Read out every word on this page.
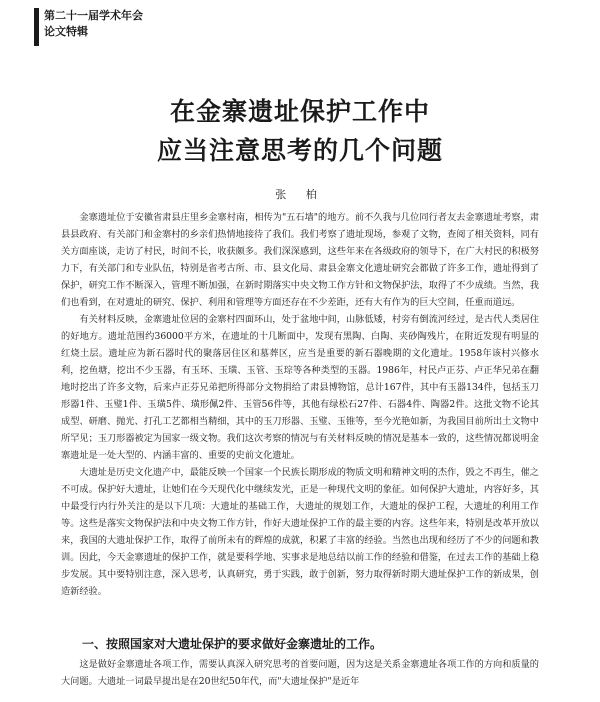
第二十一届学术年会
论文特辑
在金寨遗址保护工作中
应当注意思考的几个问题
张 柏

金寨遗址位于安徽省肃县庄里乡金寨村南，相传为"五石墙"的地方。前不久我与几位同行者友去金寨遗址考察，肃县县政府、有关部门和金寨村的乡亲们热情地接待了我们。我们考察了遗址现场，参观了文物，查阅了相关资料，同有关方面座谈，走访了村民，时间不长，收获颇多。我们深深感到，这些年来在各级政府的领导下，在广大村民的积极努力下，有关部门和专业队伍，特别是省考古所、市、县文化局、肃县金寨文化遗址研究会都做了许多工作，遗址得到了保护，研究工作不断深入，管理不断加强，在新时期落实中央文物工作方针和文物保护法，取得了不少成绩。当然，我们也看到，在对遗址的研究、保护、利用和管理等方面还存在不少差距，还有大有作为的巨大空间，任重而道远。

有关材料反映，金寨遗址位居的金寨村四面环山，处于盆地中间，山脉低矮，村旁有倒流河经过，是古代人类居住的好地方。遗址范围约36000平方米，在遗址的十几断面中，发现有黑陶、白陶、夹砂陶残片，在附近发现有明显的红烧土层。遗址应为新石器时代的聚落居住区和墓葬区，应当是重要的新石器晚期的文化遗址。1958年该村兴修水利，挖鱼塘，挖出不少玉器，有玉环、玉璜、玉管、玉琮等各种类型的玉器。1986年，村民卢正芬、卢正华兄弟在翻地时挖出了许多文物，后来卢正芬兄弟把所得部分文物捐给了肃县博物馆，总计167件，其中有玉器134件，包括玉刀形器1件、玉璧1件、玉璜5件、璜形佩2件、玉管56件等，其他有绿松石27件、石器4件、陶器2件。这批文物不论其成型、研磨、抛光、打孔工艺都相当精细，其中的玉刀形器、玉璧、玉锥等，至今光艳如新，为我国目前所出土文物中所罕见；玉刀形器被定为国家一级文物。我们这次考察的情况与有关材料反映的情况是基本一致的，这些情况都说明金寨遗址是一处大型的、内涵丰富的、重要的史前文化遗址。

大遗址是历史文化遗产中，最能反映一个国家一个民族长期形成的物质文明和精神文明的杰作，毁之不再生，催之不可成。保护好大遗址，让她们在今天现代化中继续发光，正是一种现代文明的象征。如何保护大遗址，内容好多，其中最受行内行外关注的是以下几项：大遗址的基础工作，大遗址的规划工作，大遗址的保护工程，大遗址的利用工作等。这些是落实文物保护法和中央文物工作方针，作好大遗址保护工作的最主要的内容。这些年来，特别是改革开放以来，我国的大遗址保护工作，取得了前所未有的辉煌的成就，积累了丰富的经验。当然也出现和经历了不少的问题和教训。因此，今天金寨遗址的保护工作，就是要科学地、实事求是地总结以前工作的经验和借鉴，在过去工作的基础上稳步发展。其中要特别注意，深入思考，认真研究，勇于实践，敢于创新，努力取得新时期大遗址保护工作的新成果，创造新经验。

一、按照国家对大遗址保护的要求做好金寨遗址的工作。

这是做好金寨遗址各项工作，需要认真深入研究思考的首要问题，因为这是关系金寨遗址各项工作的方向和质量的大问题。大遗址一词最早提出是在20世纪50年代，而"大遗址保护"是近年
